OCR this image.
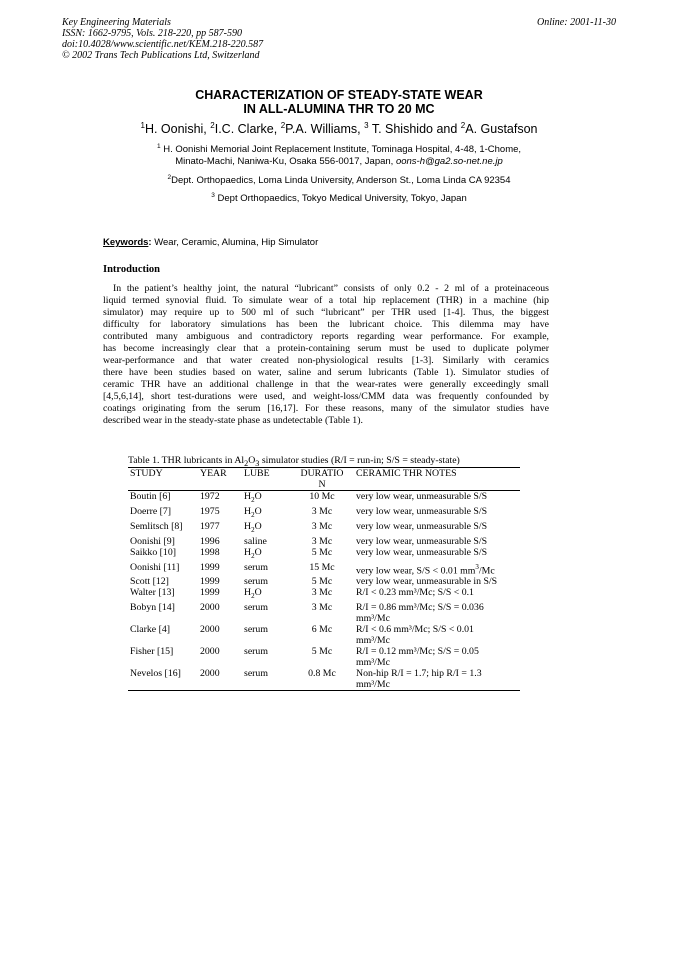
Key Engineering Materials
ISSN: 1662-9795, Vols. 218-220, pp 587-590
doi:10.4028/www.scientific.net/KEM.218-220.587
© 2002 Trans Tech Publications Ltd, Switzerland
Online: 2001-11-30
CHARACTERIZATION OF STEADY-STATE WEAR
IN ALL-ALUMINA THR TO 20 MC
$^1$H. Oonishi, $^2$I.C. Clarke, $^2$P.A. Williams, $^3$ T. Shishido and $^2$A. Gustafson
$^1$ H. Oonishi Memorial Joint Replacement Institute, Tominaga Hospital, 4-48, 1-Chome,
Minato-Machi, Naniwa-Ku, Osaka 556-0017, Japan, oons-h@ga2.so-net.ne.jp
$^2$Dept. Orthopaedics, Loma Linda University, Anderson St., Loma Linda CA 92354
$^3$ Dept Orthopaedics, Tokyo Medical University, Tokyo, Japan
Keywords: Wear, Ceramic, Alumina, Hip Simulator
Introduction
In the patient’s healthy joint, the natural “lubricant” consists of only 0.2 - 2 ml of a proteinaceous
liquid termed synovial fluid. To simulate wear of a total hip replacement (THR) in a machine (hip
simulator) may require up to 500 ml of such “lubricant” per THR used [1-4]. Thus, the biggest
difficulty for laboratory simulations has been the lubricant choice. This dilemma may have
contributed many ambiguous and contradictory reports regarding wear performance. For example,
has become increasingly clear that a protein-containing serum must be used to duplicate polymer
wear-performance and that water created non-physiological results [1-3]. Similarly with ceramics
there have been studies based on water, saline and serum lubricants (Table 1). Simulator studies of
ceramic THR have an additional challenge in that the wear-rates were generally exceedingly small
[4,5,6,14], short test-durations were used, and weight-loss/CMM data was frequently confounded by
coatings originating from the serum [16,17]. For these reasons, many of the simulator studies have
described wear in the steady-state phase as undetectable (Table 1).
Table 1. THR lubricants in $Al_2O_3$ simulator studies (R/I = run-in; S/S = steady-state)
STUDY	YEAR	LUBE	DURATIO
N	CERAMIC THR NOTES
Boutin [6]	1972	$H_2O$	10 Mc	very low wear, unmeasurable S/S

Doerre [7]	1975	$H_2O$	3 Mc	very low wear, unmeasurable S/S

Semlitsch [8]	1977	$H_2O$	3 Mc	very low wear, unmeasurable S/S

Oonishi [9]	1996	saline	3 Mc	very low wear, unmeasurable S/S

Saikko [10]	1998	$H_2O$	5 Mc	very low wear, unmeasurable S/S

Oonishi [11]	1999	serum	15 Mc	very low wear, S/S < 0.01 $mm^3/Mc$
Scott [12]	1999	serum	5 Mc	very low wear, unmeasurable in S/S

Walter [13]	1999	$H_2O$	3 Mc	R/I < 0.23 mm³/Mc; S/S < 0.1

Bobyn [14]	2000	serum	3 Mc	R/I = 0.86 mm³/Mc; S/S = 0.036
mm³/Mc

Clarke [4]	2000	serum	6 Mc	R/I < 0.6 mm³/Mc; S/S < 0.01
mm³/Mc

Fisher [15]	2000	serum	5 Mc	R/I = 0.12 mm³/Mc; S/S = 0.05
mm³/Mc

Nevelos [16]	2000	serum	0.8 Mc	Non-hip R/I = 1.7; hip R/I = 1.3
mm³/Mc
